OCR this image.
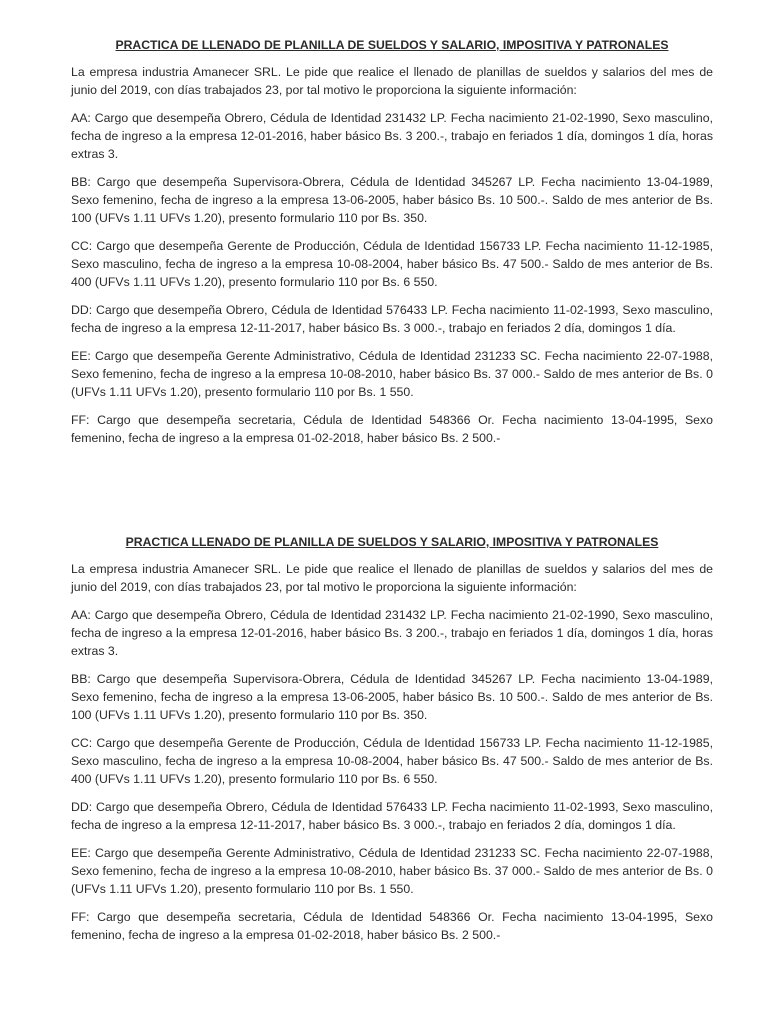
PRACTICA DE LLENADO DE PLANILLA DE SUELDOS Y SALARIO, IMPOSITIVA Y PATRONALES

La empresa industria Amanecer SRL. Le pide que realice el llenado de planillas de sueldos y salarios del mes de junio del 2019, con días trabajados 23, por tal motivo le proporciona la siguiente información:

AA: Cargo que desempeña Obrero, Cédula de Identidad 231432 LP. Fecha nacimiento 21-02-1990, Sexo masculino, fecha de ingreso a la empresa 12-01-2016, haber básico Bs. 3 200.-, trabajo en feriados 1 día, domingos 1 día, horas extras 3.

BB: Cargo que desempeña Supervisora-Obrera, Cédula de Identidad 345267 LP. Fecha nacimiento 13-04-1989, Sexo femenino, fecha de ingreso a la empresa 13-06-2005, haber básico Bs. 10 500.-. Saldo de mes anterior de Bs. 100 (UFVs 1.11 UFVs 1.20), presento formulario 110 por Bs. 350.

CC: Cargo que desempeña Gerente de Producción, Cédula de Identidad 156733 LP. Fecha nacimiento 11-12-1985, Sexo masculino, fecha de ingreso a la empresa 10-08-2004, haber básico Bs. 47 500.- Saldo de mes anterior de Bs. 400 (UFVs 1.11 UFVs 1.20), presento formulario 110 por Bs. 6 550.

DD: Cargo que desempeña Obrero, Cédula de Identidad 576433 LP. Fecha nacimiento 11-02-1993, Sexo masculino, fecha de ingreso a la empresa 12-11-2017, haber básico Bs. 3 000.-, trabajo en feriados 2 día, domingos 1 día.

EE: Cargo que desempeña Gerente Administrativo, Cédula de Identidad 231233 SC. Fecha nacimiento 22-07-1988, Sexo femenino, fecha de ingreso a la empresa 10-08-2010, haber básico Bs. 37 000.- Saldo de mes anterior de Bs. 0 (UFVs 1.11 UFVs 1.20), presento formulario 110 por Bs. 1 550.

FF: Cargo que desempeña secretaria, Cédula de Identidad 548366 Or. Fecha nacimiento 13-04-1995, Sexo femenino, fecha de ingreso a la empresa 01-02-2018, haber básico Bs. 2 500.-

PRACTICA LLENADO DE PLANILLA DE SUELDOS Y SALARIO, IMPOSITIVA Y PATRONALES

La empresa industria Amanecer SRL. Le pide que realice el llenado de planillas de sueldos y salarios del mes de junio del 2019, con días trabajados 23, por tal motivo le proporciona la siguiente información:

AA: Cargo que desempeña Obrero, Cédula de Identidad 231432 LP. Fecha nacimiento 21-02-1990, Sexo masculino, fecha de ingreso a la empresa 12-01-2016, haber básico Bs. 3 200.-, trabajo en feriados 1 día, domingos 1 día, horas extras 3.

BB: Cargo que desempeña Supervisora-Obrera, Cédula de Identidad 345267 LP. Fecha nacimiento 13-04-1989, Sexo femenino, fecha de ingreso a la empresa 13-06-2005, haber básico Bs. 10 500.-. Saldo de mes anterior de Bs. 100 (UFVs 1.11 UFVs 1.20), presento formulario 110 por Bs. 350.

CC: Cargo que desempeña Gerente de Producción, Cédula de Identidad 156733 LP. Fecha nacimiento 11-12-1985, Sexo masculino, fecha de ingreso a la empresa 10-08-2004, haber básico Bs. 47 500.- Saldo de mes anterior de Bs. 400 (UFVs 1.11 UFVs 1.20), presento formulario 110 por Bs. 6 550.

DD: Cargo que desempeña Obrero, Cédula de Identidad 576433 LP. Fecha nacimiento 11-02-1993, Sexo masculino, fecha de ingreso a la empresa 12-11-2017, haber básico Bs. 3 000.-, trabajo en feriados 2 día, domingos 1 día.

EE: Cargo que desempeña Gerente Administrativo, Cédula de Identidad 231233 SC. Fecha nacimiento 22-07-1988, Sexo femenino, fecha de ingreso a la empresa 10-08-2010, haber básico Bs. 37 000.- Saldo de mes anterior de Bs. 0 (UFVs 1.11 UFVs 1.20), presento formulario 110 por Bs. 1 550.

FF: Cargo que desempeña secretaria, Cédula de Identidad 548366 Or. Fecha nacimiento 13-04-1995, Sexo femenino, fecha de ingreso a la empresa 01-02-2018, haber básico Bs. 2 500.-
